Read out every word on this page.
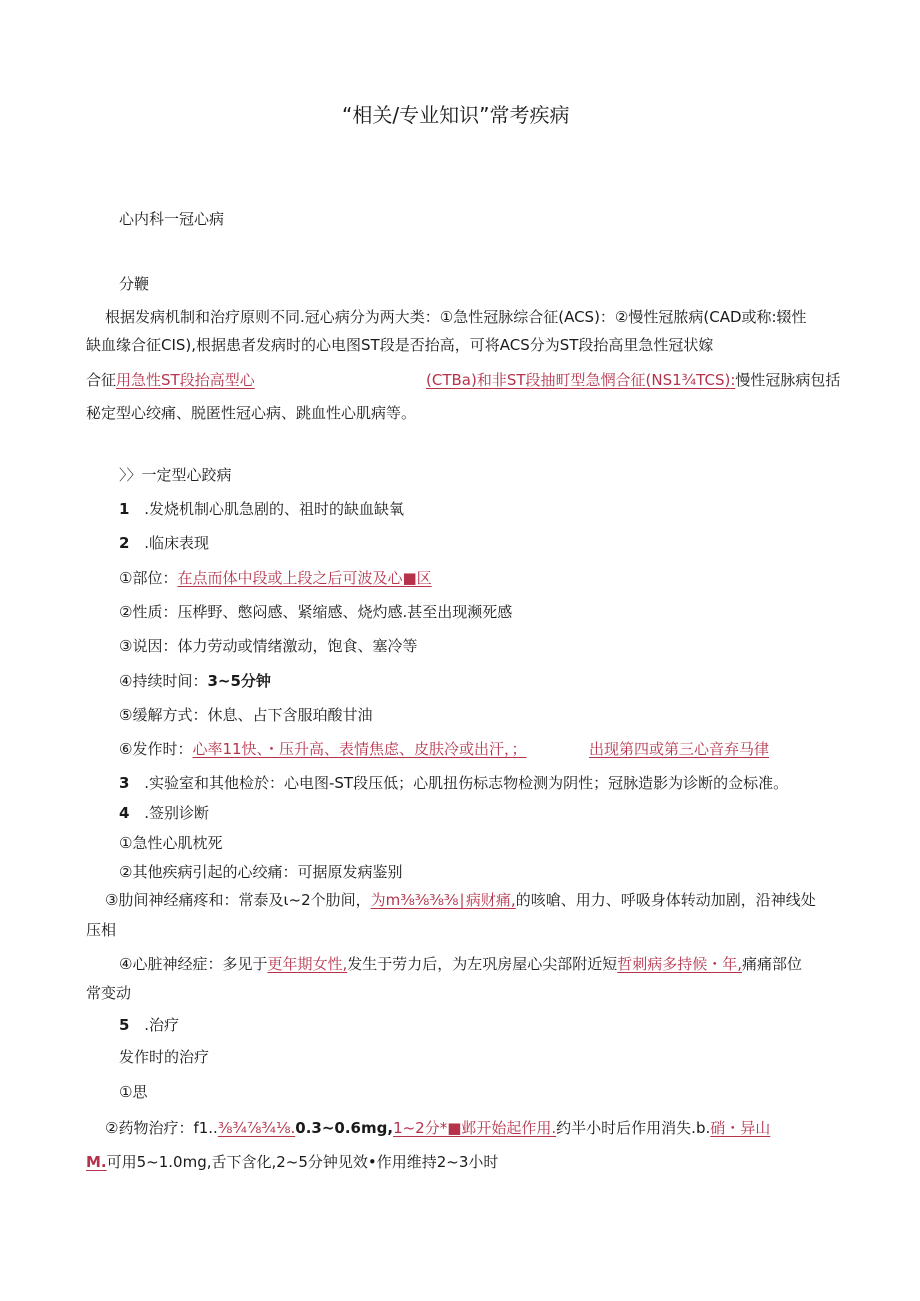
“相关/专业知识”常考疾病
心内科一冠心病
分鞭
根据发病机制和治疗原则不同.冠心病分为两大类：①急性冠脉综合征(ACS)：②慢性冠脓病(CAD或称:辍性
缺血缘合征CIS),根据患者发病时的心电图ST段是否抬高，可将ACS分为ST段抬高里急性冠状嫁
合征用急性ST段抬高型心	(CTBa)和非ST段抽町型急惘合征(NS1¾TCS):慢性冠脉病包括
秘定型心绞痛、脱匿性冠心病、跳血性心肌病等。
〉〉一定型心跤病
1 .发烧机制心肌急剧的、祖时的缺血缺氧
2 .临床表现
①部位：在点而体中段或上段之后可波及心■区
②性质：压桦野、憋闷感、紧缩感、烧灼感.甚至出现濒死感
③说因：体力劳动或情绪激动，饱食、塞冷等
④持续时间：3~5分钟
⑤缓解方式：休息、占下含服珀酸甘油
⑥发作时：心率11快、・压升高、表情焦虑、皮肤冷或出汗，；	出现第四或第三心音弃马律
3 .实验室和其他检於：心电图-ST段压低；心肌扭伤标志物检测为阴性；冠脉造影为诊断的佥标准。
4 .签别诊断
①急性心肌枕死
②其他疾病引起的心绞痛：可据原发病鉴别
③肋间神经痛疼和：常泰及ι~2个肋间，为m⅜⅜⅜⅜∣病财痛,的咳嗆、用力、呼吸身体转动加剧，沿神线处
压相
④心脏神经症：多见于更年期女性,发生于劳力后，为左巩房屋心尖部附近短哲刺病多持候・年,痛痛部位
常变动
5 .治疗
发作时的治疗
①思
②药物治疗：f1..⅜¾⅞¾⅛.0.3~0.6mg,1~2分*■邺开始起作用.约半小时后作用消失.b.硝・异山
M.可用5~1.0mg,舌下含化,2~5分钟见效•作用维持2~3小时
